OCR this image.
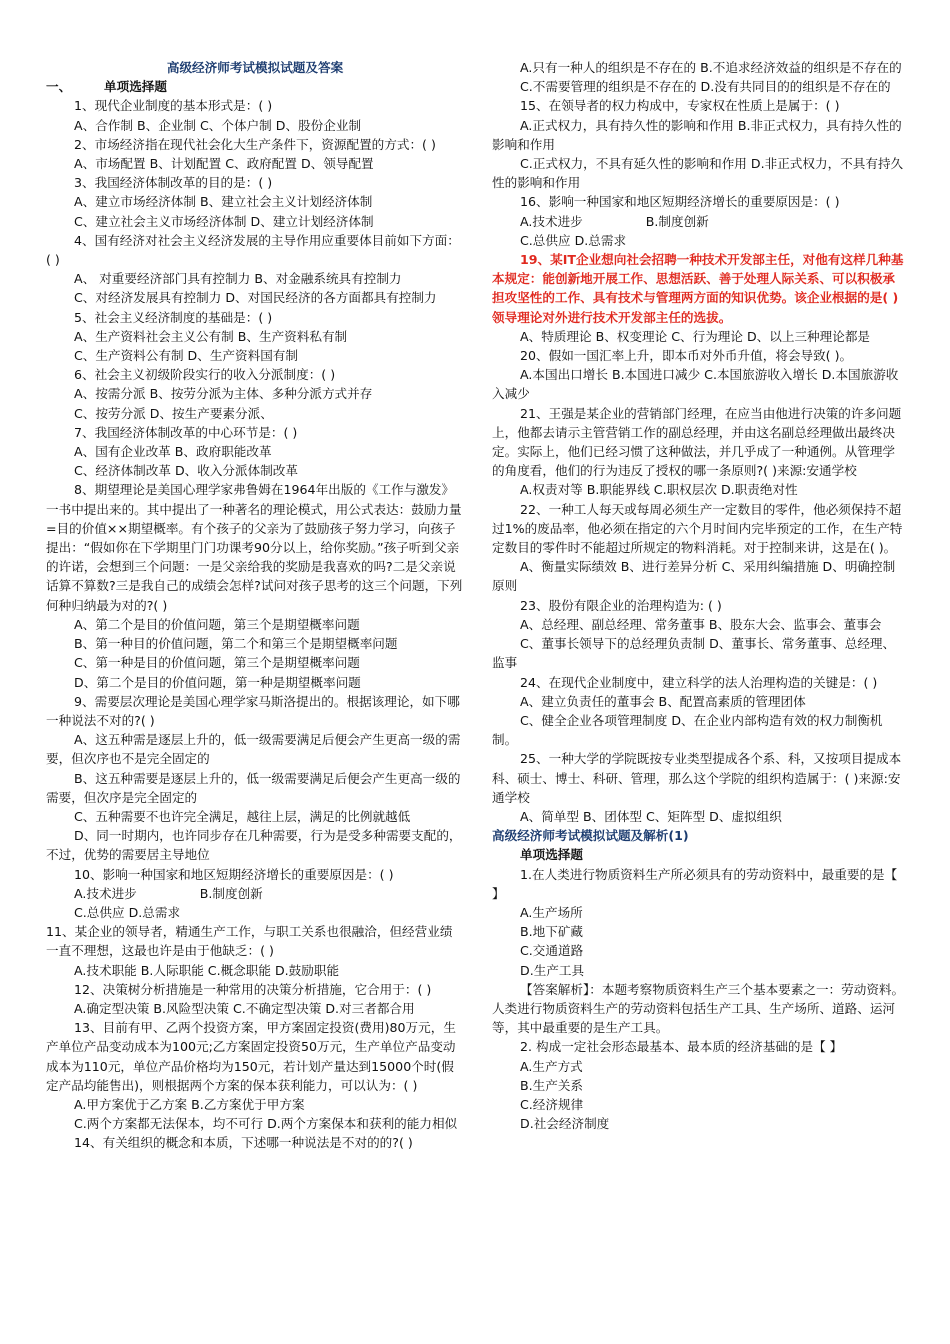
高级经济师考试模拟试题及答案

一、	单项选择题

1、现代企业制度的基本形式是：( )

A、合作制 B、企业制 C、个体户制 D、股份企业制

2、市场经济指在现代社会化大生产条件下，资源配置的方式：( )

A、市场配置 B、计划配置 C、政府配置 D、领导配置

3、我国经济体制改革的目的是：( )

A、建立市场经济体制 B、建立社会主义计划经济体制

C、建立社会主义市场经济体制 D、建立计划经济体制

4、国有经济对社会主义经济发展的主导作用应重要体目前如下方面：( )

A、 对重要经济部门具有控制力 B、对金融系统具有控制力

C、对经济发展具有控制力 D、对国民经济的各方面都具有控制力

5、社会主义经济制度的基础是：( )

A、生产资料社会主义公有制 B、生产资料私有制

C、生产资料公有制 D、生产资料国有制

6、社会主义初级阶段实行的收入分派制度：( )

A、按需分派 B、按劳分派为主体、多种分派方式并存

C、按劳分派 D、按生产要素分派、

7、我国经济体制改革的中心环节是：( )

A、国有企业改革 B、政府职能改革

C、经济体制改革 D、收入分派体制改革

8、期望理论是美国心理学家弗鲁姆在1964年出版的《工作与激发》一书中提出来的。其中提出了一种著名的理论模式，用公式表达：鼓励力量=目的价值××期望概率。有个孩子的父亲为了鼓励孩子努力学习，向孩子提出：“假如你在下学期里门门功课考90分以上，给你奖励。”孩子听到父亲的许诺，会想到三个问题：一是父亲给我的奖励是我喜欢的吗?二是父亲说话算不算数?三是我自己的成绩会怎样?试问对孩子思考的这三个问题，下列何种归纳最为对的?( )

A、第二个是目的价值问题，第三个是期望概率问题

B、第一种目的价值问题，第二个和第三个是期望概率问题

C、第一种是目的价值问题，第三个是期望概率问题

D、第二个是目的价值问题，第一种是期望概率问题

9、需要层次理论是美国心理学家马斯洛提出的。根据该理论，如下哪一种说法不对的?( )

A、这五种需是逐层上升的，低一级需要满足后便会产生更高一级的需要，但次序也不是完全固定的

B、这五种需要是逐层上升的，低一级需要满足后便会产生更高一级的需要，但次序是完全固定的

C、五种需要不也许完全满足，越往上层，满足的比例就越低

D、同一时期内，也许同步存在几种需要，行为是受多种需要支配的，不过，优势的需要居主导地位

10、影响一种国家和地区短期经济增长的重要原因是：( )

A.技术进步　　　　　B.制度创新

C.总供应 D.总需求

11、某企业的领导者，精通生产工作，与职工关系也很融洽，但经营业绩一直不理想，这最也许是由于他缺乏：( )

A.技术职能 B.人际职能 C.概念职能 D.鼓励职能

12、决策树分析措施是一种常用的决策分析措施，它合用于：( )

A.确定型决策 B.风险型决策 C.不确定型决策 D.对三者都合用

13、目前有甲、乙两个投资方案，甲方案固定投资(费用)80万元，生产单位产品变动成本为100元;乙方案固定投资50万元，生产单位产品变动成本为110元，单位产品价格均为150元，若计划产量达到15000个时(假定产品均能售出)，则根据两个方案的保本获利能力，可以认为：( )

A.甲方案优于乙方案 B.乙方案优于甲方案

C.两个方案都无法保本，均不可行 D.两个方案保本和获利的能力相似

14、有关组织的概念和本质，下述哪一种说法是不对的的?( )

A.只有一种人的组织是不存在的 B.不追求经济效益的组织是不存在的

C.不需要管理的组织是不存在的 D.没有共同目的的组织是不存在的

15、在领导者的权力构成中，专家权在性质上是属于：( )

A.正式权力，具有持久性的影响和作用 B.非正式权力，具有持久性的影响和作用

C.正式权力，不具有延久性的影响和作用 D.非正式权力，不具有持久性的影响和作用

16、影响一种国家和地区短期经济增长的重要原因是：( )

A.技术进步　　　　　B.制度创新

C.总供应 D.总需求

19、某IT企业想向社会招聘一种技术开发部主任，对他有这样几种基本规定：能创新地开展工作、思想活跃、善于处理人际关系、可以积极承担攻坚性的工作、具有技术与管理两方面的知识优势。该企业根据的是( )领导理论对外进行技术开发部主任的选拔。

A、特质理论 B、权变理论 C、行为理论 D、以上三种理论都是

20、假如一国汇率上升，即本币对外币升值，将会导致( )。

A.本国出口增长 B.本国进口减少 C.本国旅游收入增长 D.本国旅游收入减少

21、王强是某企业的营销部门经理，在应当由他进行决策的许多问题上，他都去请示主管营销工作的副总经理，并由这名副总经理做出最终决定。实际上，他们已经习惯了这种做法，并几乎成了一种通例。从管理学的角度看，他们的行为违反了授权的哪一条原则?( )来源:安通学校

A.权责对等 B.职能界线 C.职权层次 D.职责绝对性

22、一种工人每天或每周必须生产一定数目的零件，他必须保持不超过1%的废品率，他必须在指定的六个月时间内完毕预定的工作，在生产特定数目的零件时不能超过所规定的物料消耗。对于控制来讲，这是在( )。

A、衡量实际绩效 B、进行差异分析 C、采用纠编措施 D、明确控制原则

23、股份有限企业的治理构造为: ( )

A、总经理、副总经理、常务董事 B、股东大会、监事会、董事会

C、董事长领导下的总经理负责制 D、董事长、常务董事、总经理、监事

24、在现代企业制度中，建立科学的法人治理构造的关键是：( )

A、建立负责任的董事会 B、配置高素质的管理团体

C、健全企业各项管理制度 D、在企业内部构造有效的权力制衡机制。

25、一种大学的学院既按专业类型提成各个系、科，又按项目提成本科、硕士、博士、科研、管理，那么这个学院的组织构造属于：( )来源:安通学校

A、简单型 B、团体型 C、矩阵型 D、虚拟组织

高级经济师考试模拟试题及解析(1)

单项选择题

1.在人类进行物质资料生产所必须具有的劳动资料中，最重要的是【 】

A.生产场所

B.地下矿藏

C.交通道路

D.生产工具

【答案解析】：本题考察物质资料生产三个基本要素之一：劳动资料。人类进行物质资料生产的劳动资料包括生产工具、生产场所、道路、运河等，其中最重要的是生产工具。

2. 构成一定社会形态最基本、最本质的经济基础的是【 】

A.生产方式

B.生产关系

C.经济规律

D.社会经济制度
